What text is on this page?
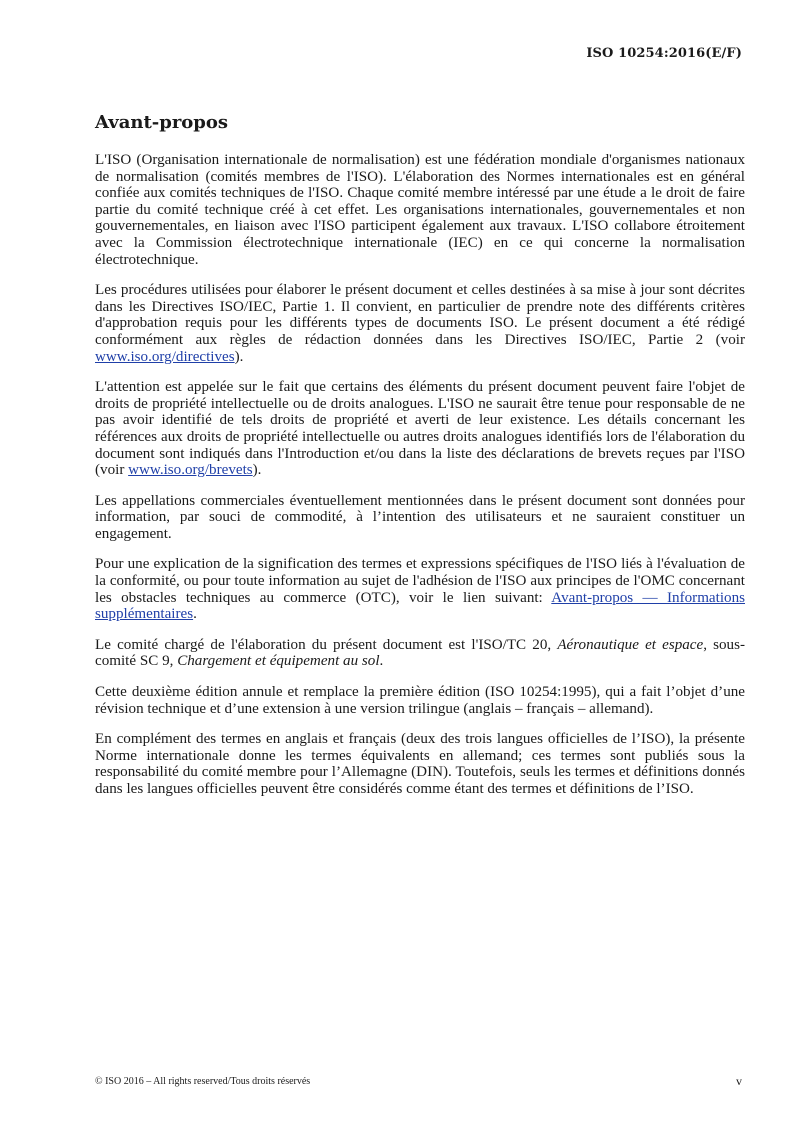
ISO 10254:2016(E/F)
Avant-propos

L'ISO (Organisation internationale de normalisation) est une fédération mondiale d'organismes nationaux de normalisation (comités membres de l'ISO). L'élaboration des Normes internationales est en général confiée aux comités techniques de l'ISO. Chaque comité membre intéressé par une étude a le droit de faire partie du comité technique créé à cet effet. Les organisations internationales, gouvernementales et non gouvernementales, en liaison avec l'ISO participent également aux travaux. L'ISO collabore étroitement avec la Commission électrotechnique internationale (IEC) en ce qui concerne la normalisation électrotechnique.

Les procédures utilisées pour élaborer le présent document et celles destinées à sa mise à jour sont décrites dans les Directives ISO/IEC, Partie 1. Il convient, en particulier de prendre note des différents critères d'approbation requis pour les différents types de documents ISO. Le présent document a été rédigé conformément aux règles de rédaction données dans les Directives ISO/IEC, Partie 2 (voir www.iso.org/directives).

L'attention est appelée sur le fait que certains des éléments du présent document peuvent faire l'objet de droits de propriété intellectuelle ou de droits analogues. L'ISO ne saurait être tenue pour responsable de ne pas avoir identifié de tels droits de propriété et averti de leur existence. Les détails concernant les références aux droits de propriété intellectuelle ou autres droits analogues identifiés lors de l'élaboration du document sont indiqués dans l'Introduction et/ou dans la liste des déclarations de brevets reçues par l'ISO (voir www.iso.org/brevets).

Les appellations commerciales éventuellement mentionnées dans le présent document sont données pour information, par souci de commodité, à l’intention des utilisateurs et ne sauraient constituer un engagement.

Pour une explication de la signification des termes et expressions spécifiques de l'ISO liés à l'évaluation de la conformité, ou pour toute information au sujet de l'adhésion de l'ISO aux principes de l'OMC concernant les obstacles techniques au commerce (OTC), voir le lien suivant: Avant-propos — Informations supplémentaires.

Le comité chargé de l'élaboration du présent document est l'ISO/TC 20, Aéronautique et espace, sous-comité SC 9, Chargement et équipement au sol.

Cette deuxième édition annule et remplace la première édition (ISO 10254:1995), qui a fait l’objet d’une révision technique et d’une extension à une version trilingue (anglais – français – allemand).

En complément des termes en anglais et français (deux des trois langues officielles de l’ISO), la présente Norme internationale donne les termes équivalents en allemand; ces termes sont publiés sous la responsabilité du comité membre pour l’Allemagne (DIN). Toutefois, seuls les termes et définitions donnés dans les langues officielles peuvent être considérés comme étant des termes et définitions de l’ISO.

© ISO 2016 – All rights reserved/Tous droits réservés	v
